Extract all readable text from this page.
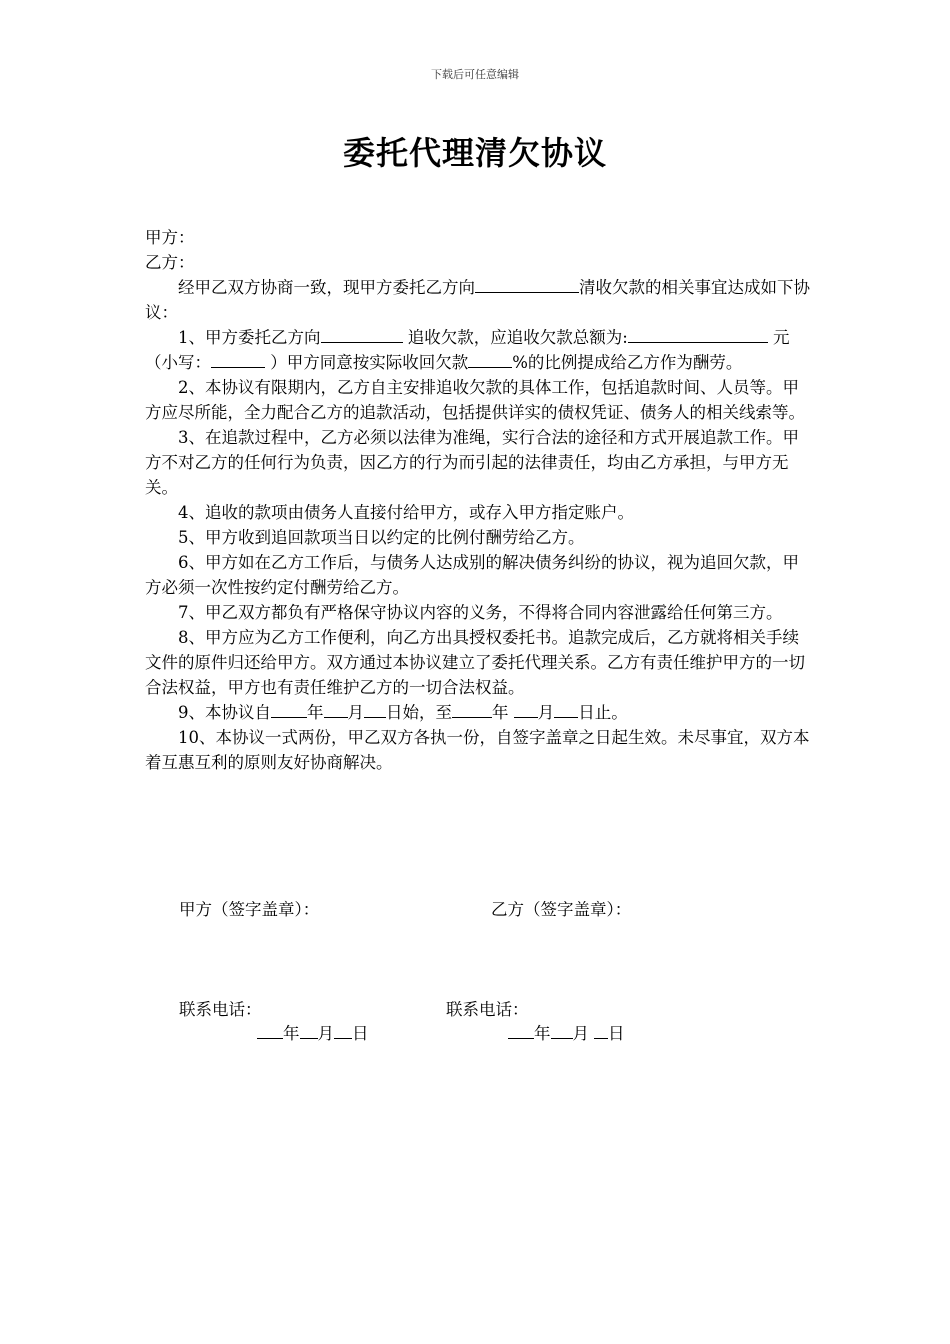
下载后可任意编辑
委托代理清欠协议

甲方：

乙方：

经甲乙双方协商一致，现甲方委托乙方向	清收欠款的相关事宜达成如下协议：

1、甲方委托乙方向	追收欠款，应追收欠款总额为:	元（小写：	）甲方同意按实际收回欠款	%的比例提成给乙方作为酬劳。

2、本协议有限期内，乙方自主安排追收欠款的具体工作，包括追款时间、人员等。甲方应尽所能，全力配合乙方的追款活动，包括提供详实的债权凭证、债务人的相关线索等。

3、在追款过程中，乙方必须以法律为准绳，实行合法的途径和方式开展追款工作。甲方不对乙方的任何行为负责，因乙方的行为而引起的法律责任，均由乙方承担，与甲方无关。

4、追收的款项由债务人直接付给甲方，或存入甲方指定账户。

5、甲方收到追回款项当日以约定的比例付酬劳给乙方。

6、甲方如在乙方工作后，与债务人达成别的解决债务纠纷的协议，视为追回欠款，甲方必须一次性按约定付酬劳给乙方。

7、甲乙双方都负有严格保守协议内容的义务，不得将合同内容泄露给任何第三方。

8、甲方应为乙方工作便利，向乙方出具授权委托书。追款完成后，乙方就将相关手续文件的原件归还给甲方。双方通过本协议建立了委托代理关系。乙方有责任维护甲方的一切合法权益，甲方也有责任维护乙方的一切合法权益。

9、本协议自 年 月 日始，至 年 月 日止。

10、本协议一式两份，甲乙双方各执一份，自签字盖章之日起生效。未尽事宜，双方本着互惠互利的原则友好协商解决。

甲方（签字盖章）：	乙方（签字盖章）：
联系电话：	联系电话：
年 月 日	年 月 日
